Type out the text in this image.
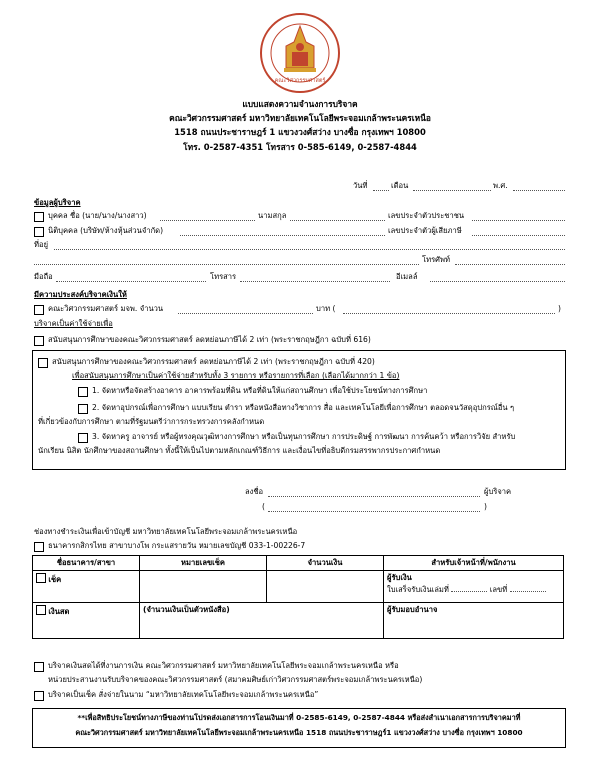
คณะวิศวกรรมศาสตร์
แบบแสดงความจำนงการบริจาค
คณะวิศวกรรมศาสตร์ มหาวิทยาลัยเทคโนโลยีพระจอมเกล้าพระนครเหนือ
1518 ถนนประชาราษฎร์ 1 แขวงวงศ์สว่าง บางซื่อ กรุงเทพฯ 10800
โทร. 0-2587-4351 โทรสาร 0-585-6149, 0-2587-4844
วันที่	เดือน	พ.ศ.
ข้อมูลผู้บริจาค
บุคคล ชื่อ (นาย/นาง/นางสาว)	นามสกุล	เลขประจำตัวประชาชน
นิติบุคคล (บริษัท/ห้างหุ้นส่วนจำกัด)	เลขประจำตัวผู้เสียภาษี
ที่อยู่
โทรศัพท์
มือถือ	โทรสาร	อีเมลล์
มีความประสงค์บริจาคเงินให้
คณะวิศวกรรมศาสตร์ มจพ. จำนวน	บาท (	)
บริจาคเป็นค่าใช้จ่ายเพื่อ
สนับสนุนการศึกษาของคณะวิศวกรรมศาสตร์ ลดหย่อนภาษีได้ 2 เท่า (พระราชกฤษฎีกา ฉบับที่ 616)
สนับสนุนการศึกษาของคณะวิศวกรรมศาสตร์ ลดหย่อนภาษีได้ 2 เท่า (พระราชกฤษฎีกา ฉบับที่ 420)
เพื่อสนับสนุนการศึกษาเป็นค่าใช้จ่ายสำหรับทั้ง 3 รายการ หรือรายการที่เลือก (เลือกได้มากกว่า 1 ข้อ)
1. จัดหาหรือจัดสร้างอาคาร อาคารพร้อมที่ดิน หรือที่ดินให้แก่สถานศึกษา เพื่อใช้ประโยชน์ทางการศึกษา
2. จัดหาอุปกรณ์เพื่อการศึกษา แบบเรียน ตำรา หรือหนังสือทางวิชาการ สื่อ และเทคโนโลยีเพื่อการศึกษา ตลอดจนวัสดุอุปกรณ์อื่น ๆ
ที่เกี่ยวข้องกับการศึกษา ตามที่รัฐมนตรีว่าการกระทรวงการคลังกำหนด
3. จัดหาครู อาจารย์ หรือผู้ทรงคุณวุฒิทางการศึกษา หรือเป็นทุนการศึกษา การประดิษฐ์ การพัฒนา การค้นคว้า หรือการวิจัย สำหรับ
นักเรียน นิสิต นักศึกษาของสถานศึกษา ทั้งนี้ให้เป็นไปตามหลักเกณฑ์วิธีการ และเงื่อนไขที่อธิบดีกรมสรรพากรประกาศกำหนด
ลงชื่อ	ผู้บริจาค
(	)
ช่องทางชำระเงินเพื่อเข้าบัญชี มหาวิทยาลัยเทคโนโลยีพระจอมเกล้าพระนครเหนือ
ธนาคารกสิกรไทย สาขาบางโพ กระแสรายวัน หมายเลขบัญชี 033-1-00226-7
ชื่อธนาคาร/สาขา	หมายเลขเช็ค	จำนวนเงิน	สำหรับเจ้าหน้าที่/พนักงาน
เช็ค			ผู้รับเงิน
ใบเสร็จรับเงินเล่มที่ เลขที่
เงินสด	(จำนวนเงินเป็นตัวหนังสือ)		ผู้รับมอบอำนาจ
บริจาคเงินสดได้ที่งานการเงิน คณะวิศวกรรมศาสตร์ มหาวิทยาลัยเทคโนโลยีพระจอมเกล้าพระนครเหนือ หรือ
หน่วยประสานงานรับบริจาคของคณะวิศวกรรมศาสตร์ (สมาคมศิษย์เก่าวิศวกรรมศาสตร์พระจอมเกล้าพระนครเหนือ)
บริจาคเป็นเช็ค สั่งจ่ายในนาม “มหาวิทยาลัยเทคโนโลยีพระจอมเกล้าพระนครเหนือ”
**เพื่อสิทธิประโยชน์ทางภาษีของท่านโปรดส่งเอกสารการโอนเงินมาที่ 0-2585-6149, 0-2587-4844 หรือส่งสำเนาเอกสารการบริจาคมาที่
คณะวิศวกรรมศาสตร์ มหาวิทยาลัยเทคโนโลยีพระจอมเกล้าพระนครเหนือ 1518 ถนนประชาราษฎร์1 แขวงวงศ์สว่าง บางซื่อ กรุงเทพฯ 10800
